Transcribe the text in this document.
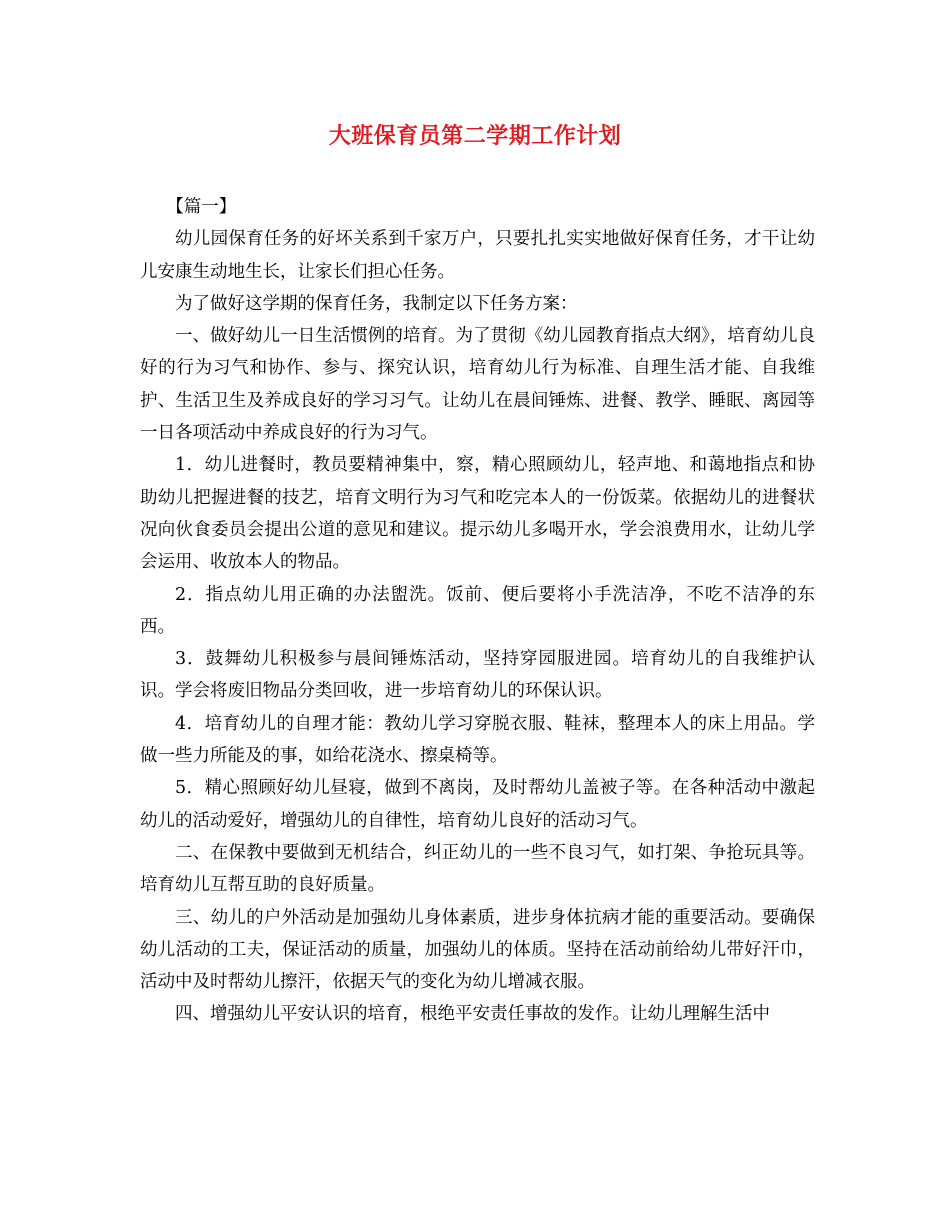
大班保育员第二学期工作计划

【篇一】

幼儿园保育任务的好坏关系到千家万户，只要扎扎实实地做好保育任务，才干让幼儿安康生动地生长，让家长们担心任务。

为了做好这学期的保育任务，我制定以下任务方案：

一、做好幼儿一日生活惯例的培育。为了贯彻《幼儿园教育指点大纲》，培育幼儿良好的行为习气和协作、参与、探究认识，培育幼儿行为标准、自理生活才能、自我维护、生活卫生及养成良好的学习习气。让幼儿在晨间锤炼、进餐、教学、睡眠、离园等一日各项活动中养成良好的行为习气。

1．幼儿进餐时，教员要精神集中，察，精心照顾幼儿，轻声地、和蔼地指点和协助幼儿把握进餐的技艺，培育文明行为习气和吃完本人的一份饭菜。依据幼儿的进餐状况向伙食委员会提出公道的意见和建议。提示幼儿多喝开水，学会浪费用水，让幼儿学会运用、收放本人的物品。

2．指点幼儿用正确的办法盥洗。饭前、便后要将小手洗洁净，不吃不洁净的东西。

3．鼓舞幼儿积极参与晨间锤炼活动，坚持穿园服进园。培育幼儿的自我维护认识。学会将废旧物品分类回收，进一步培育幼儿的环保认识。

4．培育幼儿的自理才能：教幼儿学习穿脱衣服、鞋袜，整理本人的床上用品。学做一些力所能及的事，如给花浇水、擦桌椅等。

5．精心照顾好幼儿昼寝，做到不离岗，及时帮幼儿盖被子等。在各种活动中激起幼儿的活动爱好，增强幼儿的自律性，培育幼儿良好的活动习气。

二、在保教中要做到无机结合，纠正幼儿的一些不良习气，如打架、争抢玩具等。培育幼儿互帮互助的良好质量。

三、幼儿的户外活动是加强幼儿身体素质，进步身体抗病才能的重要活动。要确保幼儿活动的工夫，保证活动的质量，加强幼儿的体质。坚持在活动前给幼儿带好汗巾，活动中及时帮幼儿擦汗，依据天气的变化为幼儿增减衣服。

四、增强幼儿平安认识的培育，根绝平安责任事故的发作。让幼儿理解生活中
